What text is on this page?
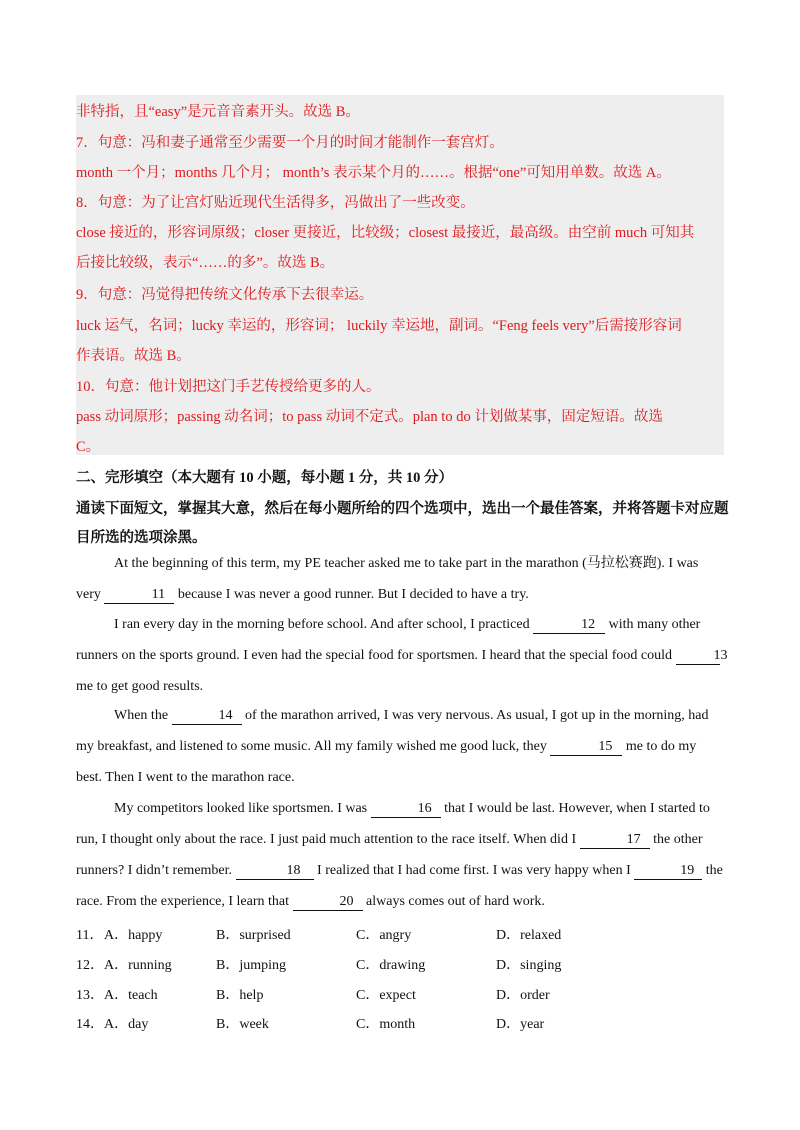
非特指，且“easy”是元音音素开头。故选 B。
7．句意：冯和妻子通常至少需要一个月的时间才能制作一套宫灯。
month 一个月；months 几个月； month’s 表示某个月的……。根据“one”可知用单数。故选 A。
8．句意：为了让宫灯贴近现代生活得多，冯做出了一些改变。
close 接近的，形容词原级；closer 更接近，比较级；closest 最接近，最高级。由空前 much 可知其
后接比较级，表示“……的多”。故选 B。
9．句意：冯觉得把传统文化传承下去很幸运。
luck 运气，名词；lucky 幸运的，形容词； luckily 幸运地，副词。“Feng feels very”后需接形容词
作表语。故选 B。
10．句意：他计划把这门手艺传授给更多的人。
pass 动词原形；passing 动名词；to pass 动词不定式。plan to do 计划做某事，固定短语。故选
C。
二、完形填空（本大题有 10 小题，每小题 1 分，共 10 分）
通读下面短文，掌握其大意，然后在每小题所给的四个选项中，选出一个最佳答案，并将答题卡对应题
目所选的选项涂黑。
At the beginning of this term, my PE teacher asked me to take part in the marathon (马拉松赛跑). I was very	11 because I was never a good runner. But I decided to have a try.
I ran every day in the morning before school. And after school, I practiced	12 with many other runners on the sports ground. I even had the special food for sportsmen. I heard that the special food could	13 me to get good results.
When the	14 of the marathon arrived, I was very nervous. As usual, I got up in the morning, had my breakfast, and listened to some music. All my family wished me good luck, they	15 me to do my best. Then I went to the marathon race.
My competitors looked like sportsmen. I was	16 that I would be last. However, when I started to run, I thought only about the race. I just paid much attention to the race itself. When did I	17 the other runners? I didn’t remember.	18 I realized that I had come first. I was very happy when I	19 the race. From the experience, I learn that	20 always comes out of hard work.
11． A．happy	B．surprised	C．angry	D．relaxed
12． A．running	B．jumping	C．drawing	D．singing
13． A．teach	B．help	C．expect	D．order
14． A．day	B．week	C．month	D．year
